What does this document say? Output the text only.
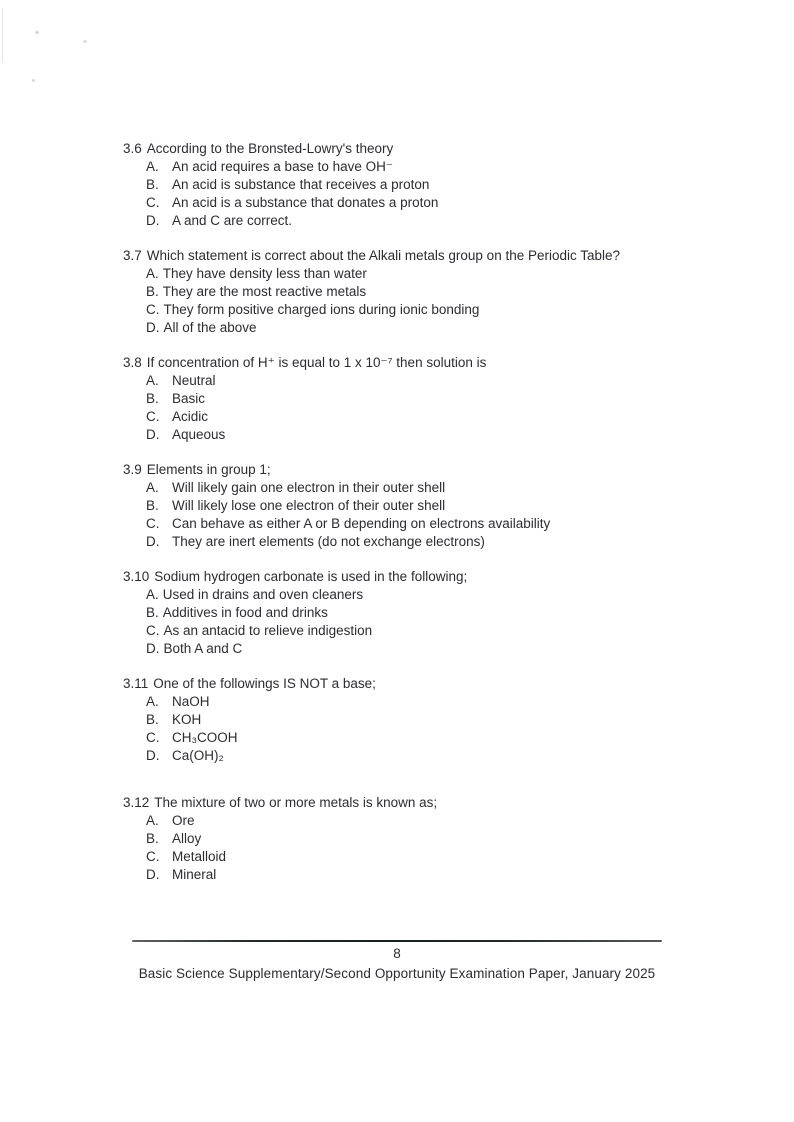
3.6 According to the Bronsted-Lowry's theory
A. An acid requires a base to have OH⁻
B. An acid is substance that receives a proton
C. An acid is a substance that donates a proton
D. A and C are correct.
3.7 Which statement is correct about the Alkali metals group on the Periodic Table?
A. They have density less than water
B. They are the most reactive metals
C. They form positive charged ions during ionic bonding
D. All of the above
3.8 If concentration of H⁺ is equal to 1 x 10⁻⁷ then solution is
A. Neutral
B. Basic
C. Acidic
D. Aqueous
3.9 Elements in group 1;
A. Will likely gain one electron in their outer shell
B. Will likely lose one electron of their outer shell
C. Can behave as either A or B depending on electrons availability
D. They are inert elements (do not exchange electrons)
3.10 Sodium hydrogen carbonate is used in the following;
A. Used in drains and oven cleaners
B. Additives in food and drinks
C. As an antacid to relieve indigestion
D. Both A and C
3.11 One of the followings IS NOT a base;
A. NaOH
B. KOH
C. CH₃COOH
D. Ca(OH)₂
3.12 The mixture of two or more metals is known as;
A. Ore
B. Alloy
C. Metalloid
D. Mineral
8
Basic Science Supplementary/Second Opportunity Examination Paper, January 2025
